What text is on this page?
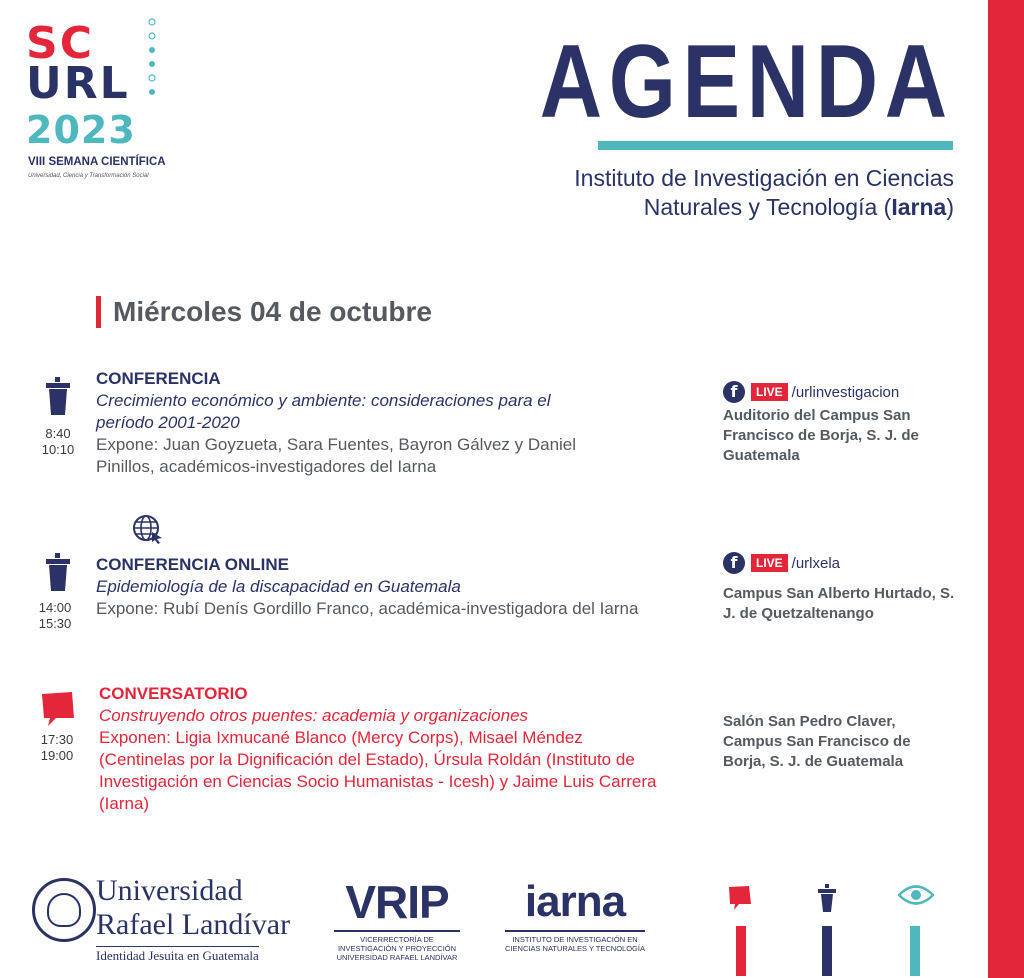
SC
URL
2023
VIII SEMANA CIENTÍFICA
Universidad, Ciencia y Transformación Social
AGENDA
Instituto de Investigación en Ciencias
Naturales y Tecnología (Iarna)
Miércoles 04 de octubre
8:40
10:10
CONFERENCIA
Crecimiento económico y ambiente: consideraciones para el
período 2001-2020
Expone: Juan Goyzueta, Sara Fuentes, Bayron Gálvez y Daniel Pinillos, académicos-investigadores del Iarna
f	LIVE /urlinvestigacion
Auditorio del Campus San Francisco de Borja, S. J. de Guatemala
14:00
15:30
CONFERENCIA ONLINE
Epidemiología de la discapacidad en Guatemala
Expone: Rubí Denís Gordillo Franco, académica-investigadora del Iarna
f	LIVE /urlxela
Campus San Alberto Hurtado, S. J. de Quetzaltenango
17:30
19:00
CONVERSATORIO
Construyendo otros puentes: academia y organizaciones
Exponen: Ligia Ixmucané Blanco (Mercy Corps), Misael Méndez (Centinelas por la Dignificación del Estado), Úrsula Roldán (Instituto de Investigación en Ciencias Socio Humanistas - Icesh) y Jaime Luis Carrera (Iarna)
Salón San Pedro Claver, Campus San Francisco de Borja, S. J. de Guatemala
Universidad
Rafael Landívar
Identidad Jesuita en Guatemala
VRIP
VICERRECTORÍA DE INVESTIGACIÓN Y PROYECCIÓN UNIVERSIDAD RAFAEL LANDÍVAR
iarna
INSTITUTO DE INVESTIGACIÓN EN CIENCIAS NATURALES Y TECNOLOGÍA
